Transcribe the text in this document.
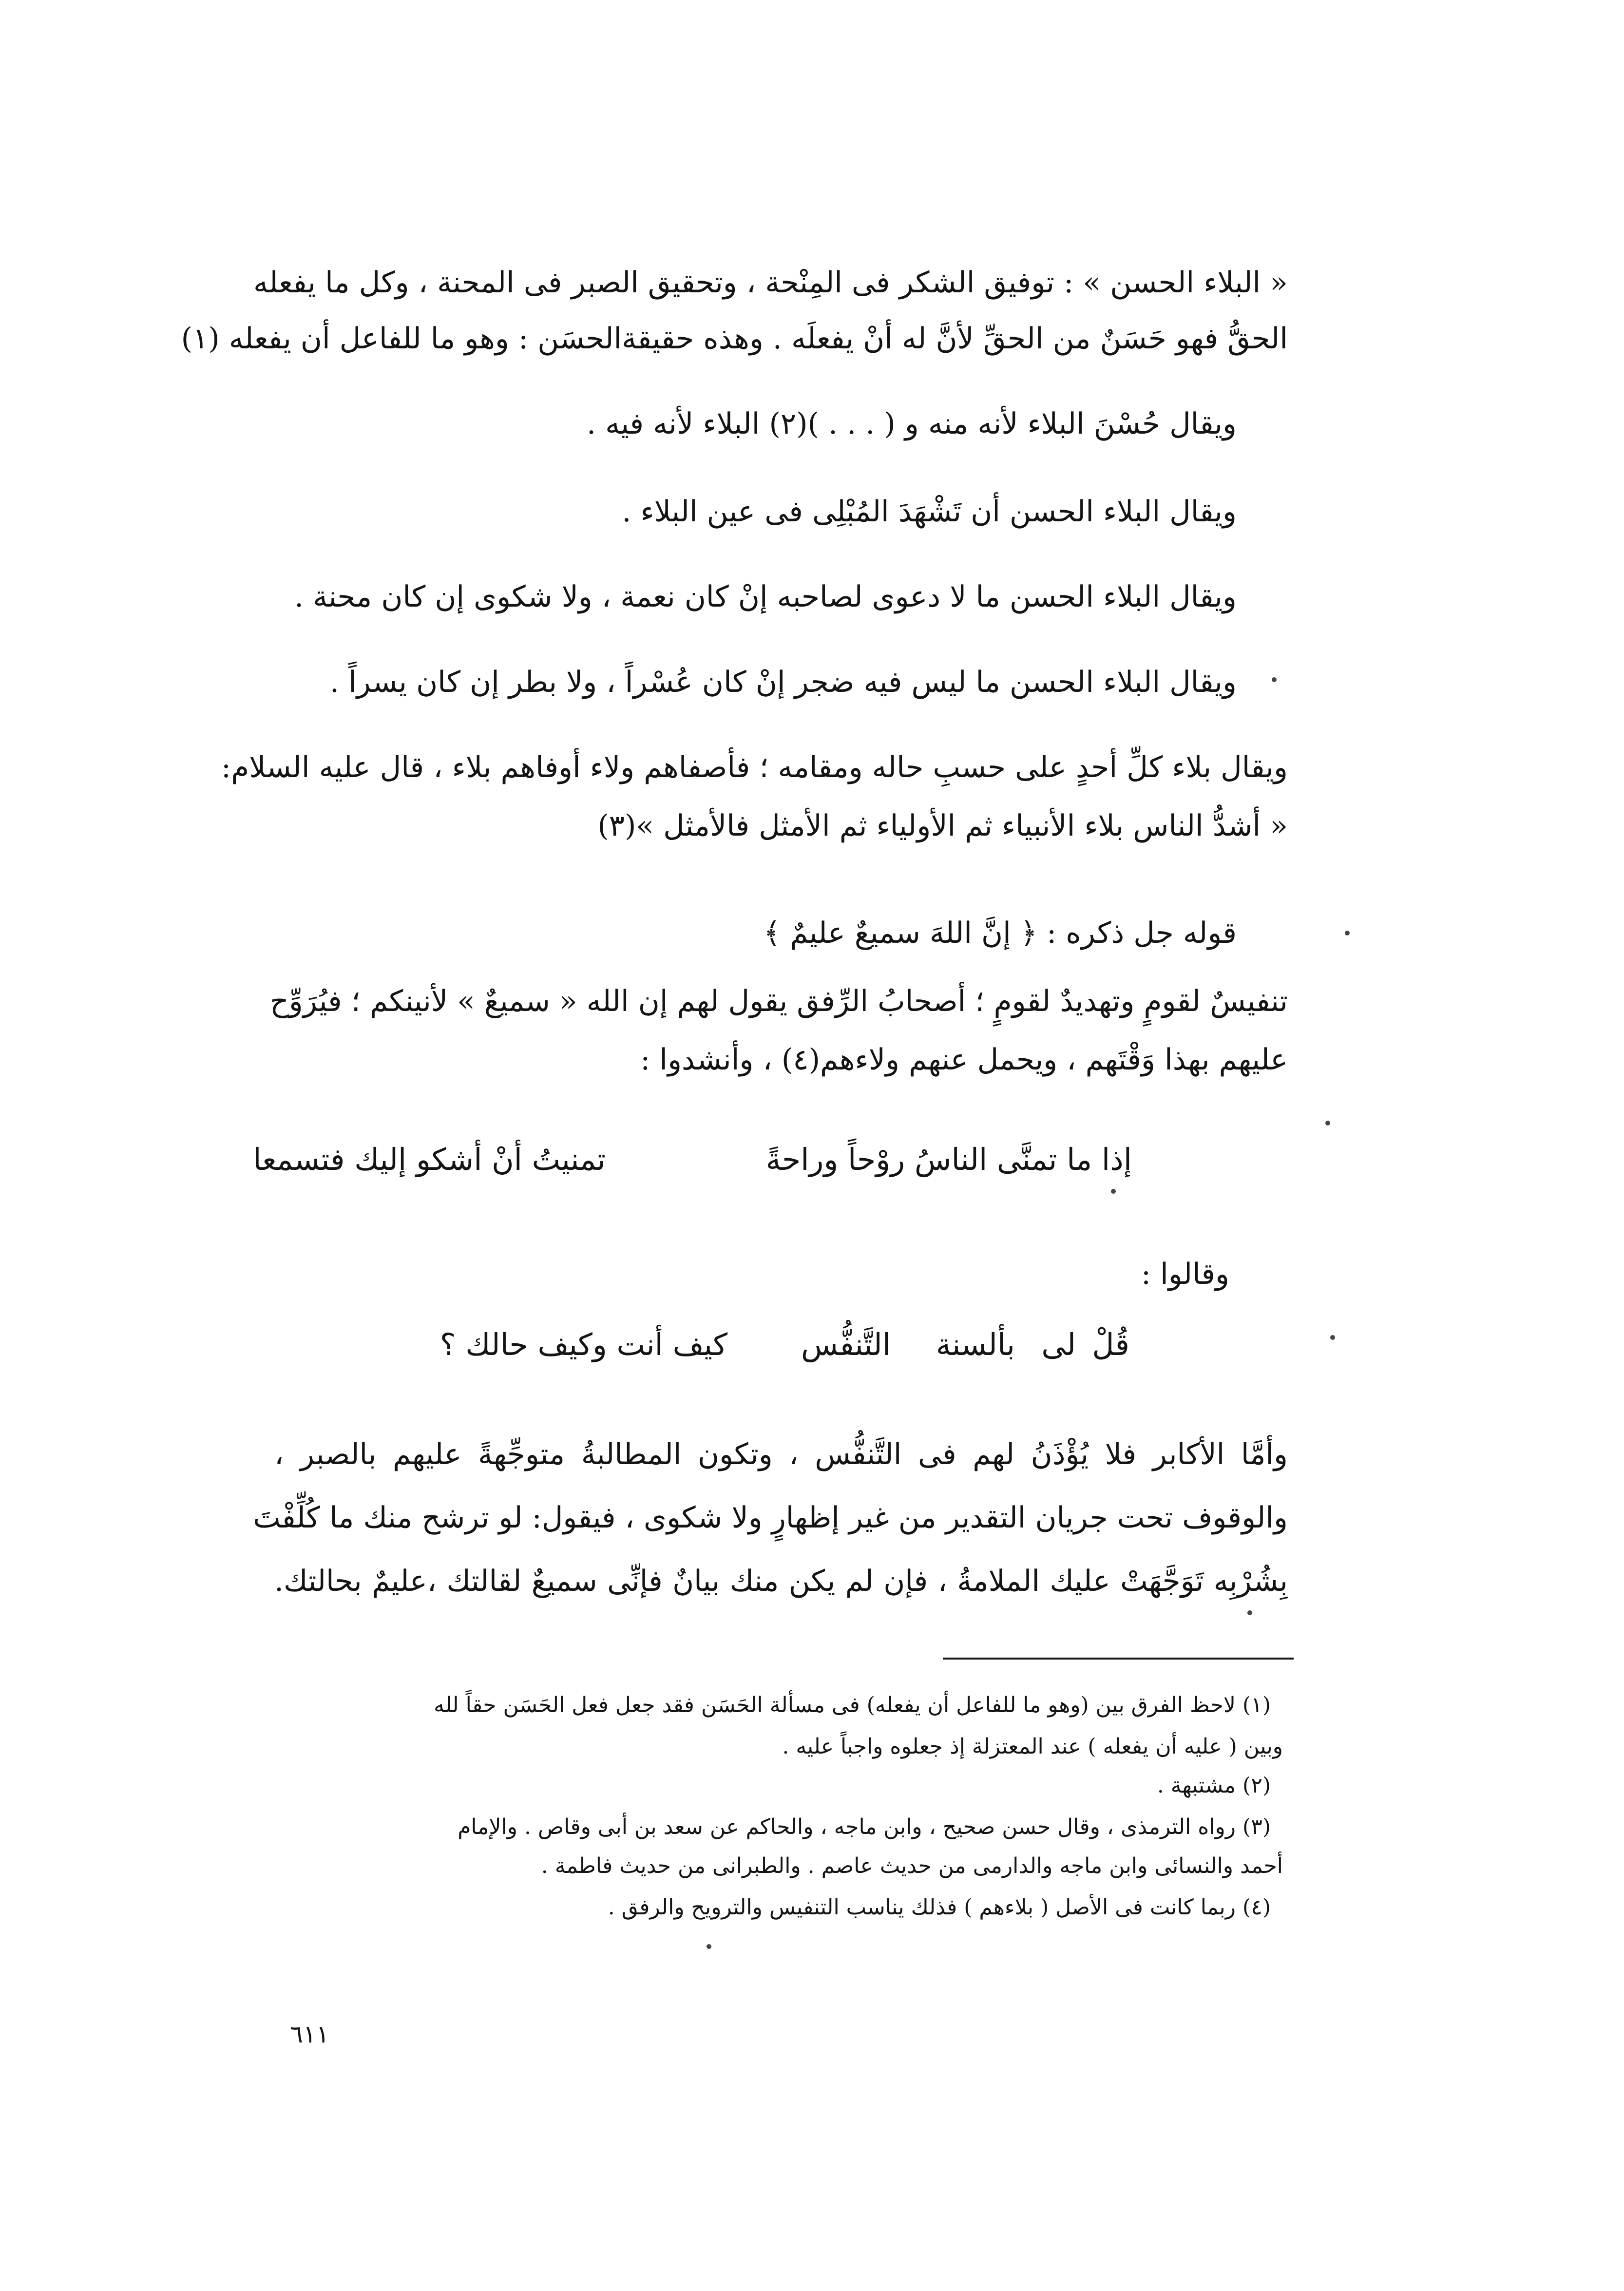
« البلاء الحسن » : توفيق الشكر فى المِنْحة ، وتحقيق الصبر فى المحنة ، وكل ما يفعله
الحقُّ فهو حَسَنٌ من الحقِّ لأنَّ له أنْ يفعلَه . وهذه حقيقةالحسَن : وهو ما للفاعل أن يفعله (١)
ويقال حُسْنَ البلاء لأنه منه و ( . . . )(٢) البلاء لأنه فيه .
ويقال البلاء الحسن أن تَشْهَدَ المُبْلِى فى عين البلاء .
ويقال البلاء الحسن ما لا دعوى لصاحبه إنْ كان نعمة ، ولا شكوى إن كان محنة .
ويقال البلاء الحسن ما ليس فيه ضجر إنْ كان عُسْراً ، ولا بطر إن كان يسراً .
ويقال بلاء كلِّ أحدٍ على حسبِ حاله ومقامه ؛ فأصفاهم ولاء أوفاهم بلاء ، قال عليه السلام:
« أشدُّ الناس بلاء الأنبياء ثم الأولياء ثم الأمثل فالأمثل »(٣)
قوله جل ذكره : ﴿ إنَّ اللهَ سميعٌ عليمٌ ﴾
تنفيسٌ لقومٍ وتهديدٌ لقومٍ ؛ أصحابُ الرِّفق يقول لهم إن الله « سميعٌ » لأنينكم ؛ فيُرَوِّح
عليهم بهذا وَقْتَهم ، ويحمل عنهم ولاءهم(٤) ، وأنشدوا :
إذا ما تمنَّى الناسُ روْحاً وراحةً
تمنيتُ أنْ أشكو إليك فتسمعا
وقالوا :
قُلْ
لى
بألسنة
التَّنفُّس
كيف أنت وكيف حالك ؟
وأمَّا الأكابر فلا يُؤْذَنُ لهم فى التَّنفُّس ، وتكون المطالبةُ متوجِّهةً عليهم بالصبر ،
والوقوف تحت جريان التقدير من غير إظهارٍ ولا شكوى ، فيقول: لو ترشح منك ما كُلِّفْتَ
بِشُرْبِه تَوَجَّهَتْ عليك الملامةُ ، فإن لم يكن منك بيانٌ فإنِّى سميعٌ لقالتك ،عليمٌ بحالتك.
(١) لاحظ الفرق بين (وهو ما للفاعل أن يفعله) فى مسألة الحَسَن فقد جعل فعل الحَسَن حقاً لله
وبين ( عليه أن يفعله ) عند المعتزلة إذ جعلوه واجباً عليه .
(٢) مشتبهة .
(٣) رواه الترمذى ، وقال حسن صحيح ، وابن ماجه ، والحاكم عن سعد بن أبى وقاص . والإمام
أحمد والنسائى وابن ماجه والدارمى من حديث عاصم . والطبرانى من حديث فاطمة .
(٤) ربما كانت فى الأصل ( بلاءهم ) فذلك يناسب التنفيس والترويح والرفق .
٦١١
